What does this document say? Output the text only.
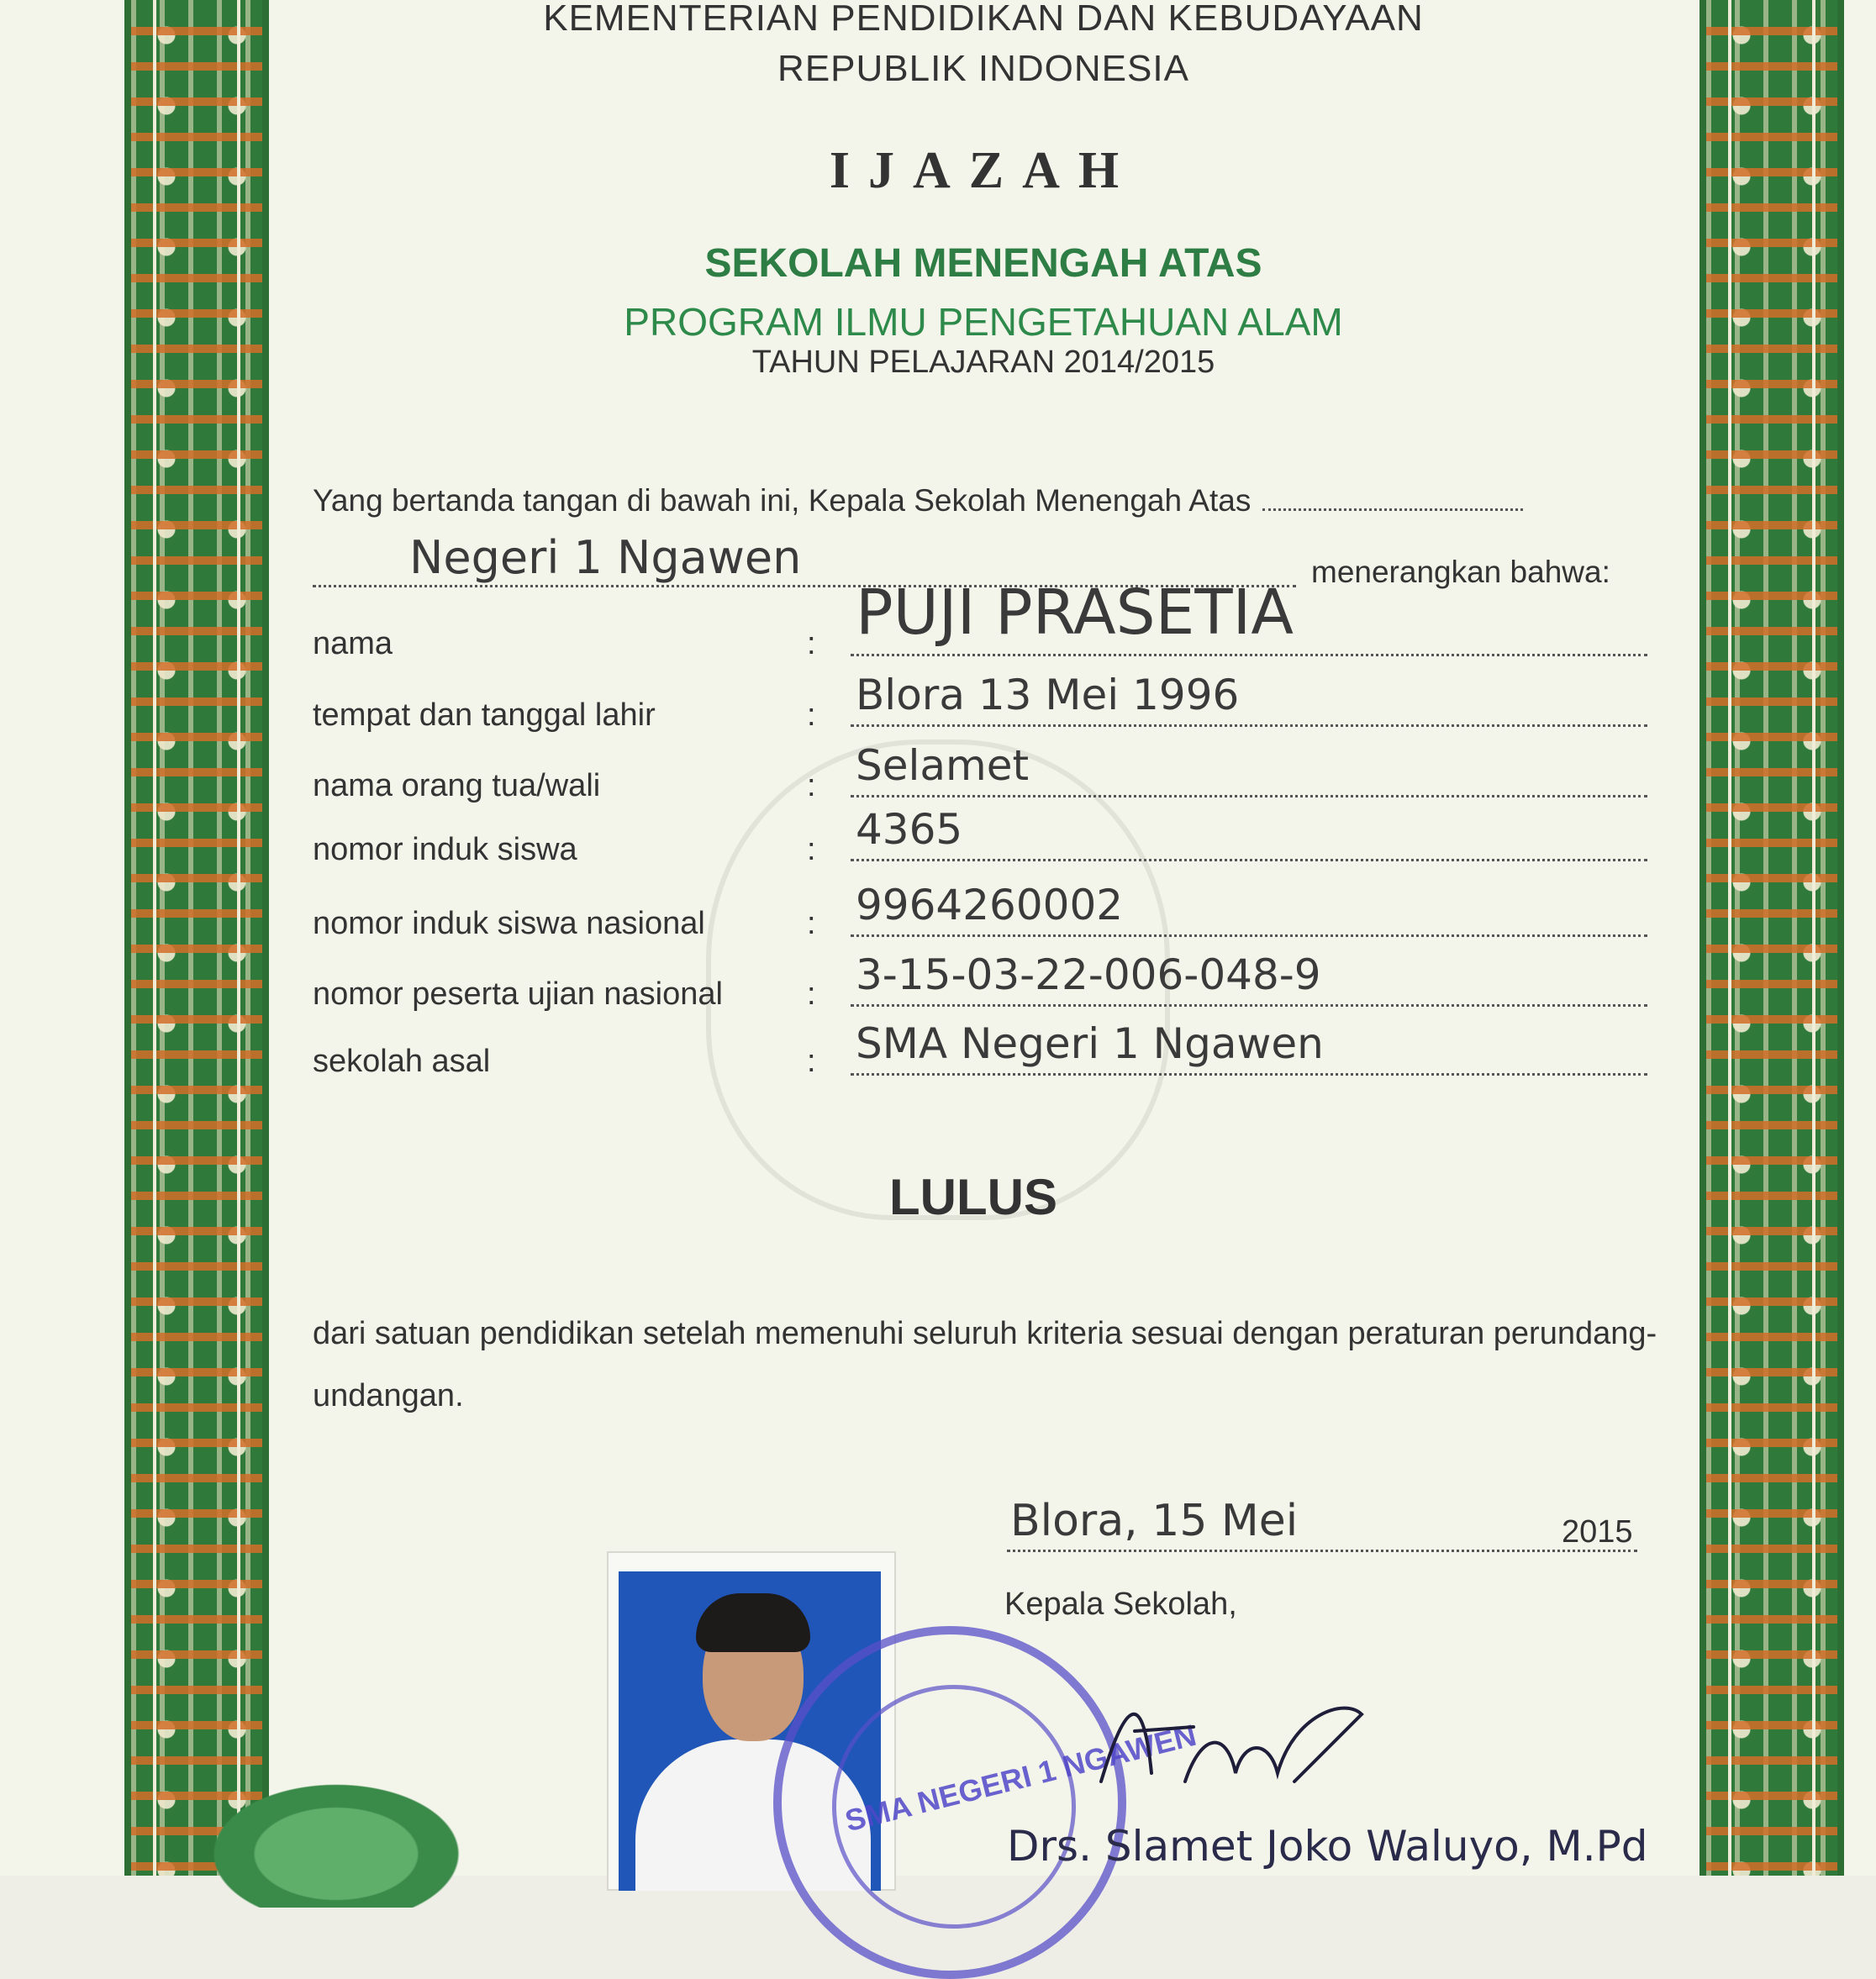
KEMENTERIAN PENDIDIKAN DAN KEBUDAYAAN
REPUBLIK INDONESIA
IJAZAH
SEKOLAH MENENGAH ATAS
PROGRAM ILMU PENGETAHUAN ALAM
TAHUN PELAJARAN 2014/2015
Yang bertanda tangan di bawah ini, Kepala Sekolah Menengah Atas
Negeri 1 Ngawen	menerangkan bahwa:
nama	: PUJI PRASETIA
tempat dan tanggal lahir	: Blora 13 Mei 1996
nama orang tua/wali	: Selamet
nomor induk siswa	: 4365
nomor induk siswa nasional	: 9964260002
nomor peserta ujian nasional	: 3-15-03-22-006-048-9
sekolah asal	: SMA Negeri 1 Ngawen
LULUS
dari satuan pendidikan setelah memenuhi seluruh kriteria sesuai dengan peraturan perundang-undangan.
Blora, 15 Mei	2015
Kepala Sekolah,
SMA NEGERI 1 NGAWEN
Drs. Slamet Joko Waluyo, M.Pd
